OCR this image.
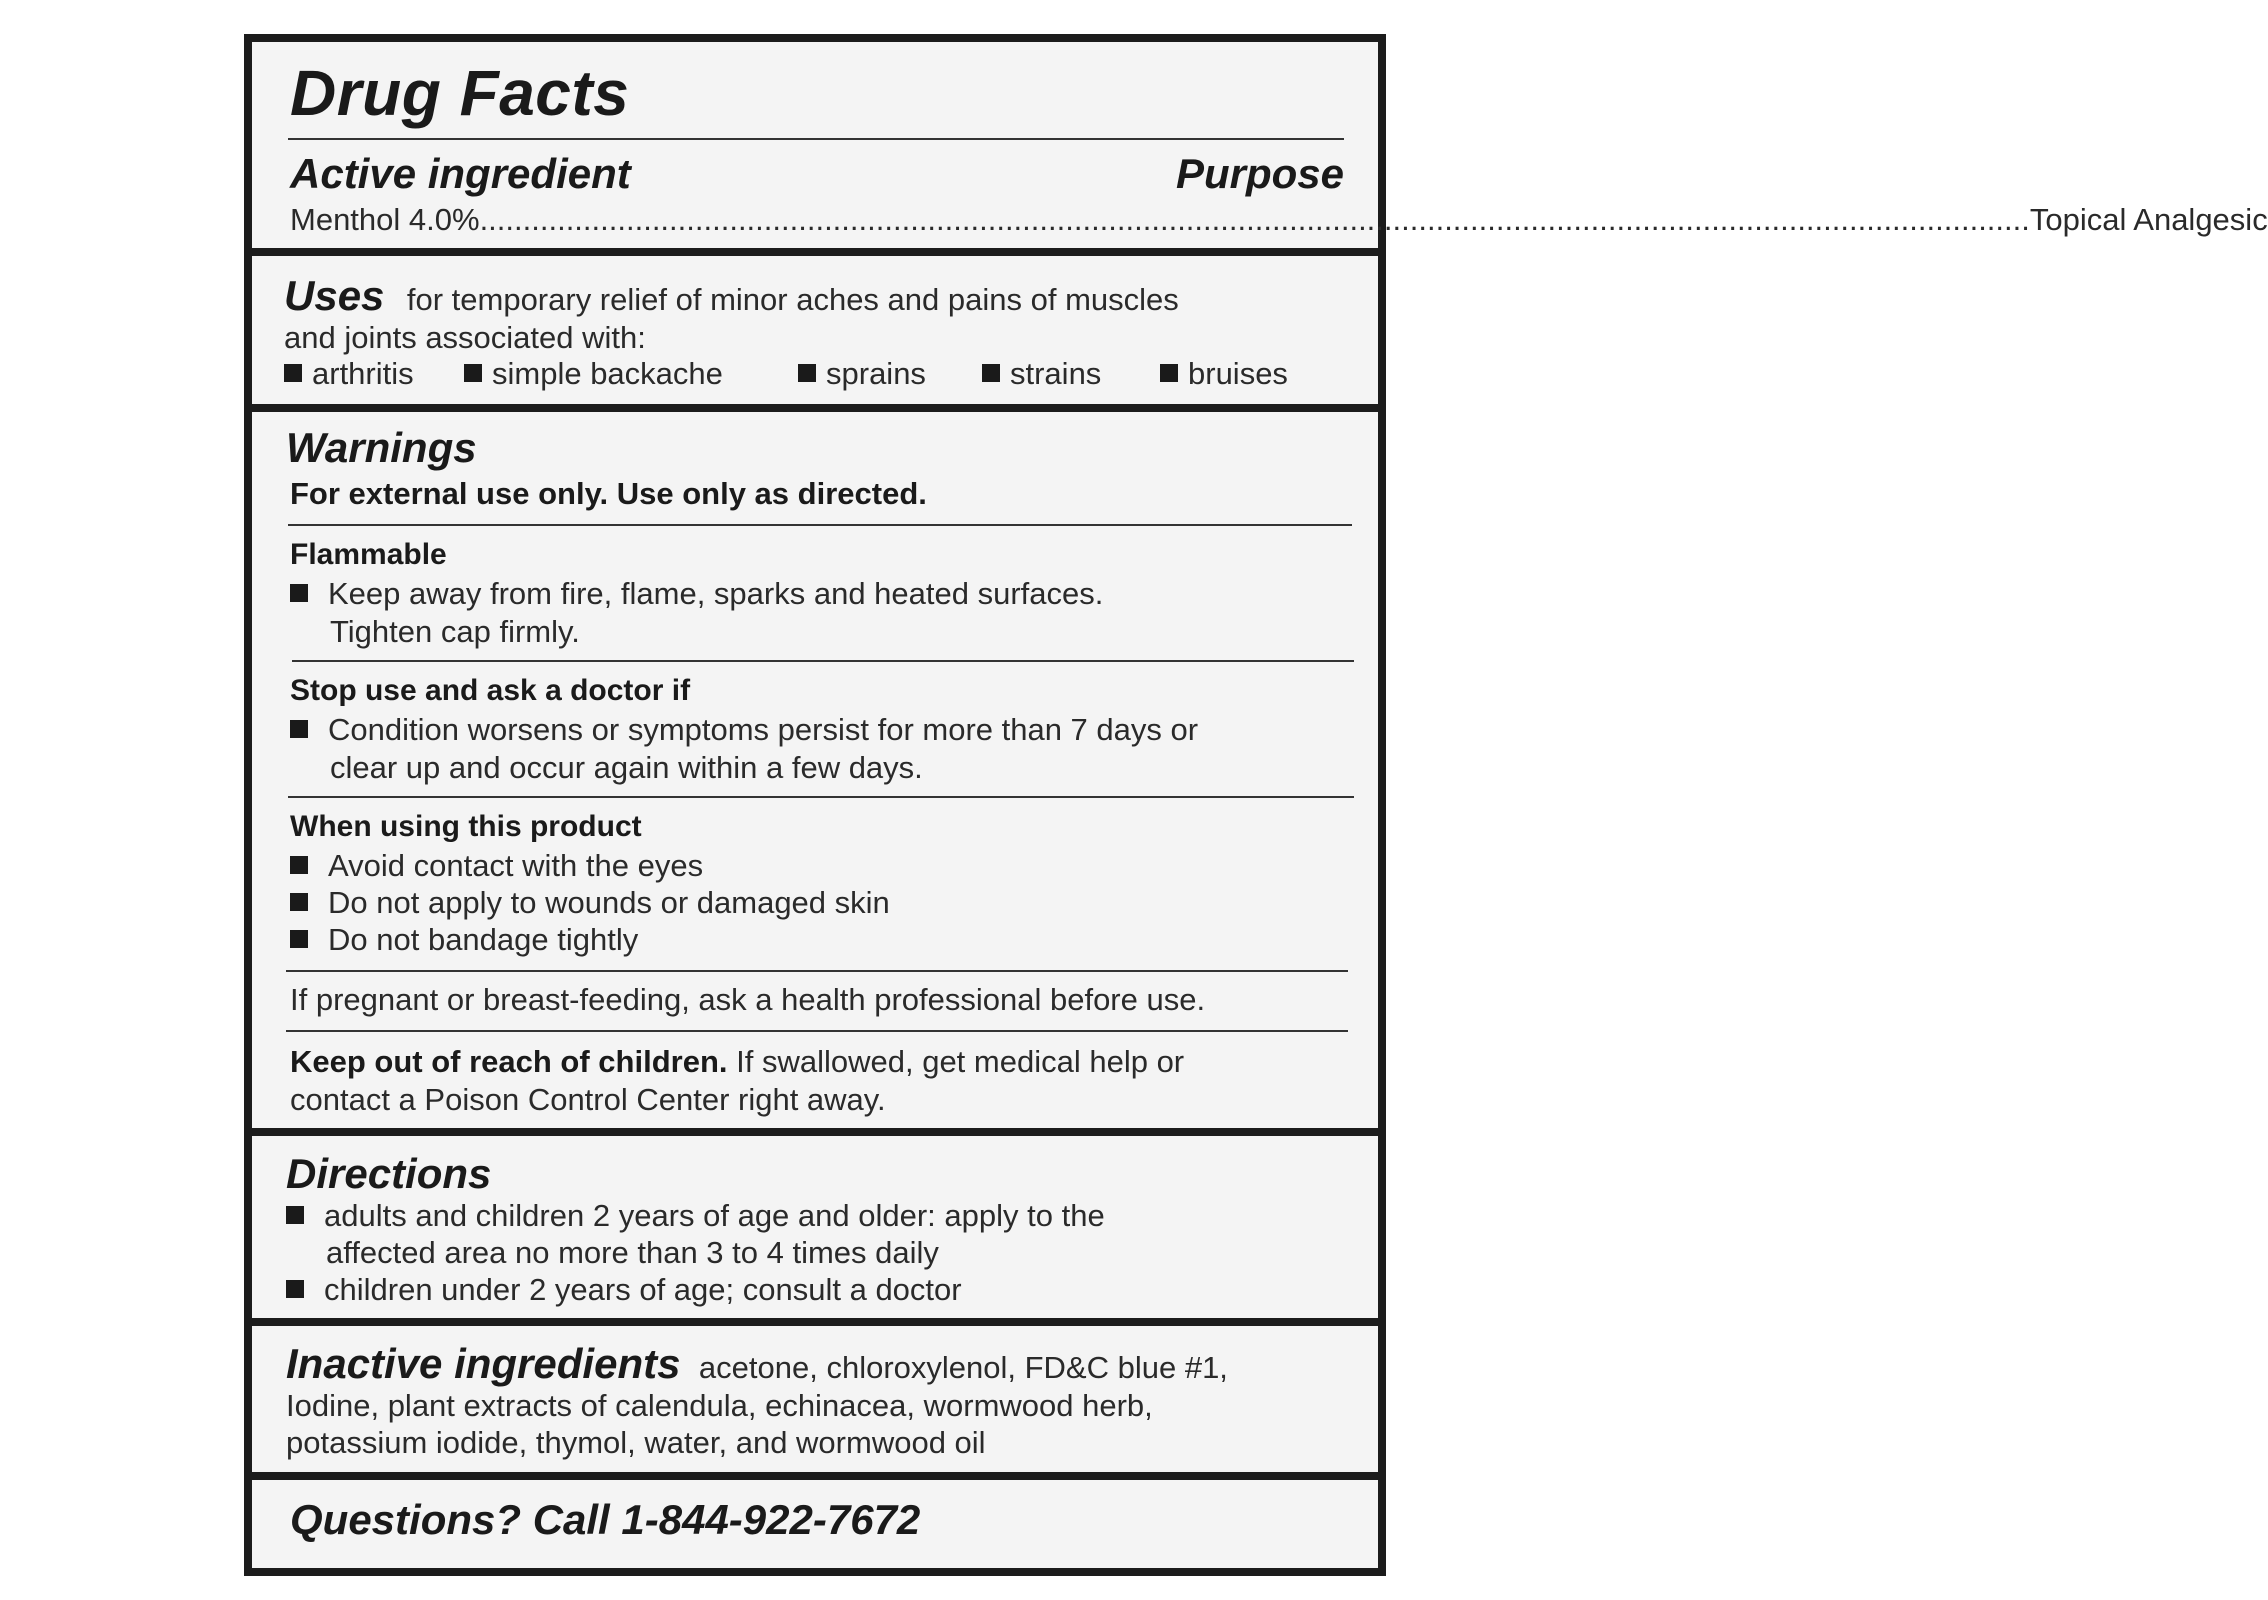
Drug Facts
Active ingredient	Purpose
Menthol 4.0% .................................................................................................................................................................................... Topical Analgesic
Uses for temporary relief of minor aches and pains of muscles
and joints associated with:
arthritis	simple backache	sprains	strains	bruises
Warnings
For external use only. Use only as directed.
Flammable
Keep away from fire, flame, sparks and heated surfaces.
Tighten cap firmly.
Stop use and ask a doctor if
Condition worsens or symptoms persist for more than 7 days or
clear up and occur again within a few days.
When using this product
Avoid contact with the eyes
Do not apply to wounds or damaged skin
Do not bandage tightly
If pregnant or breast-feeding, ask a health professional before use.
Keep out of reach of children. If swallowed, get medical help or
contact a Poison Control Center right away.
Directions
adults and children 2 years of age and older: apply to the
affected area no more than 3 to 4 times daily
children under 2 years of age; consult a doctor
Inactive ingredients acetone, chloroxylenol, FD&C blue #1,
Iodine, plant extracts of calendula, echinacea, wormwood herb,
potassium iodide, thymol, water, and wormwood oil
Questions? Call 1-844-922-7672
